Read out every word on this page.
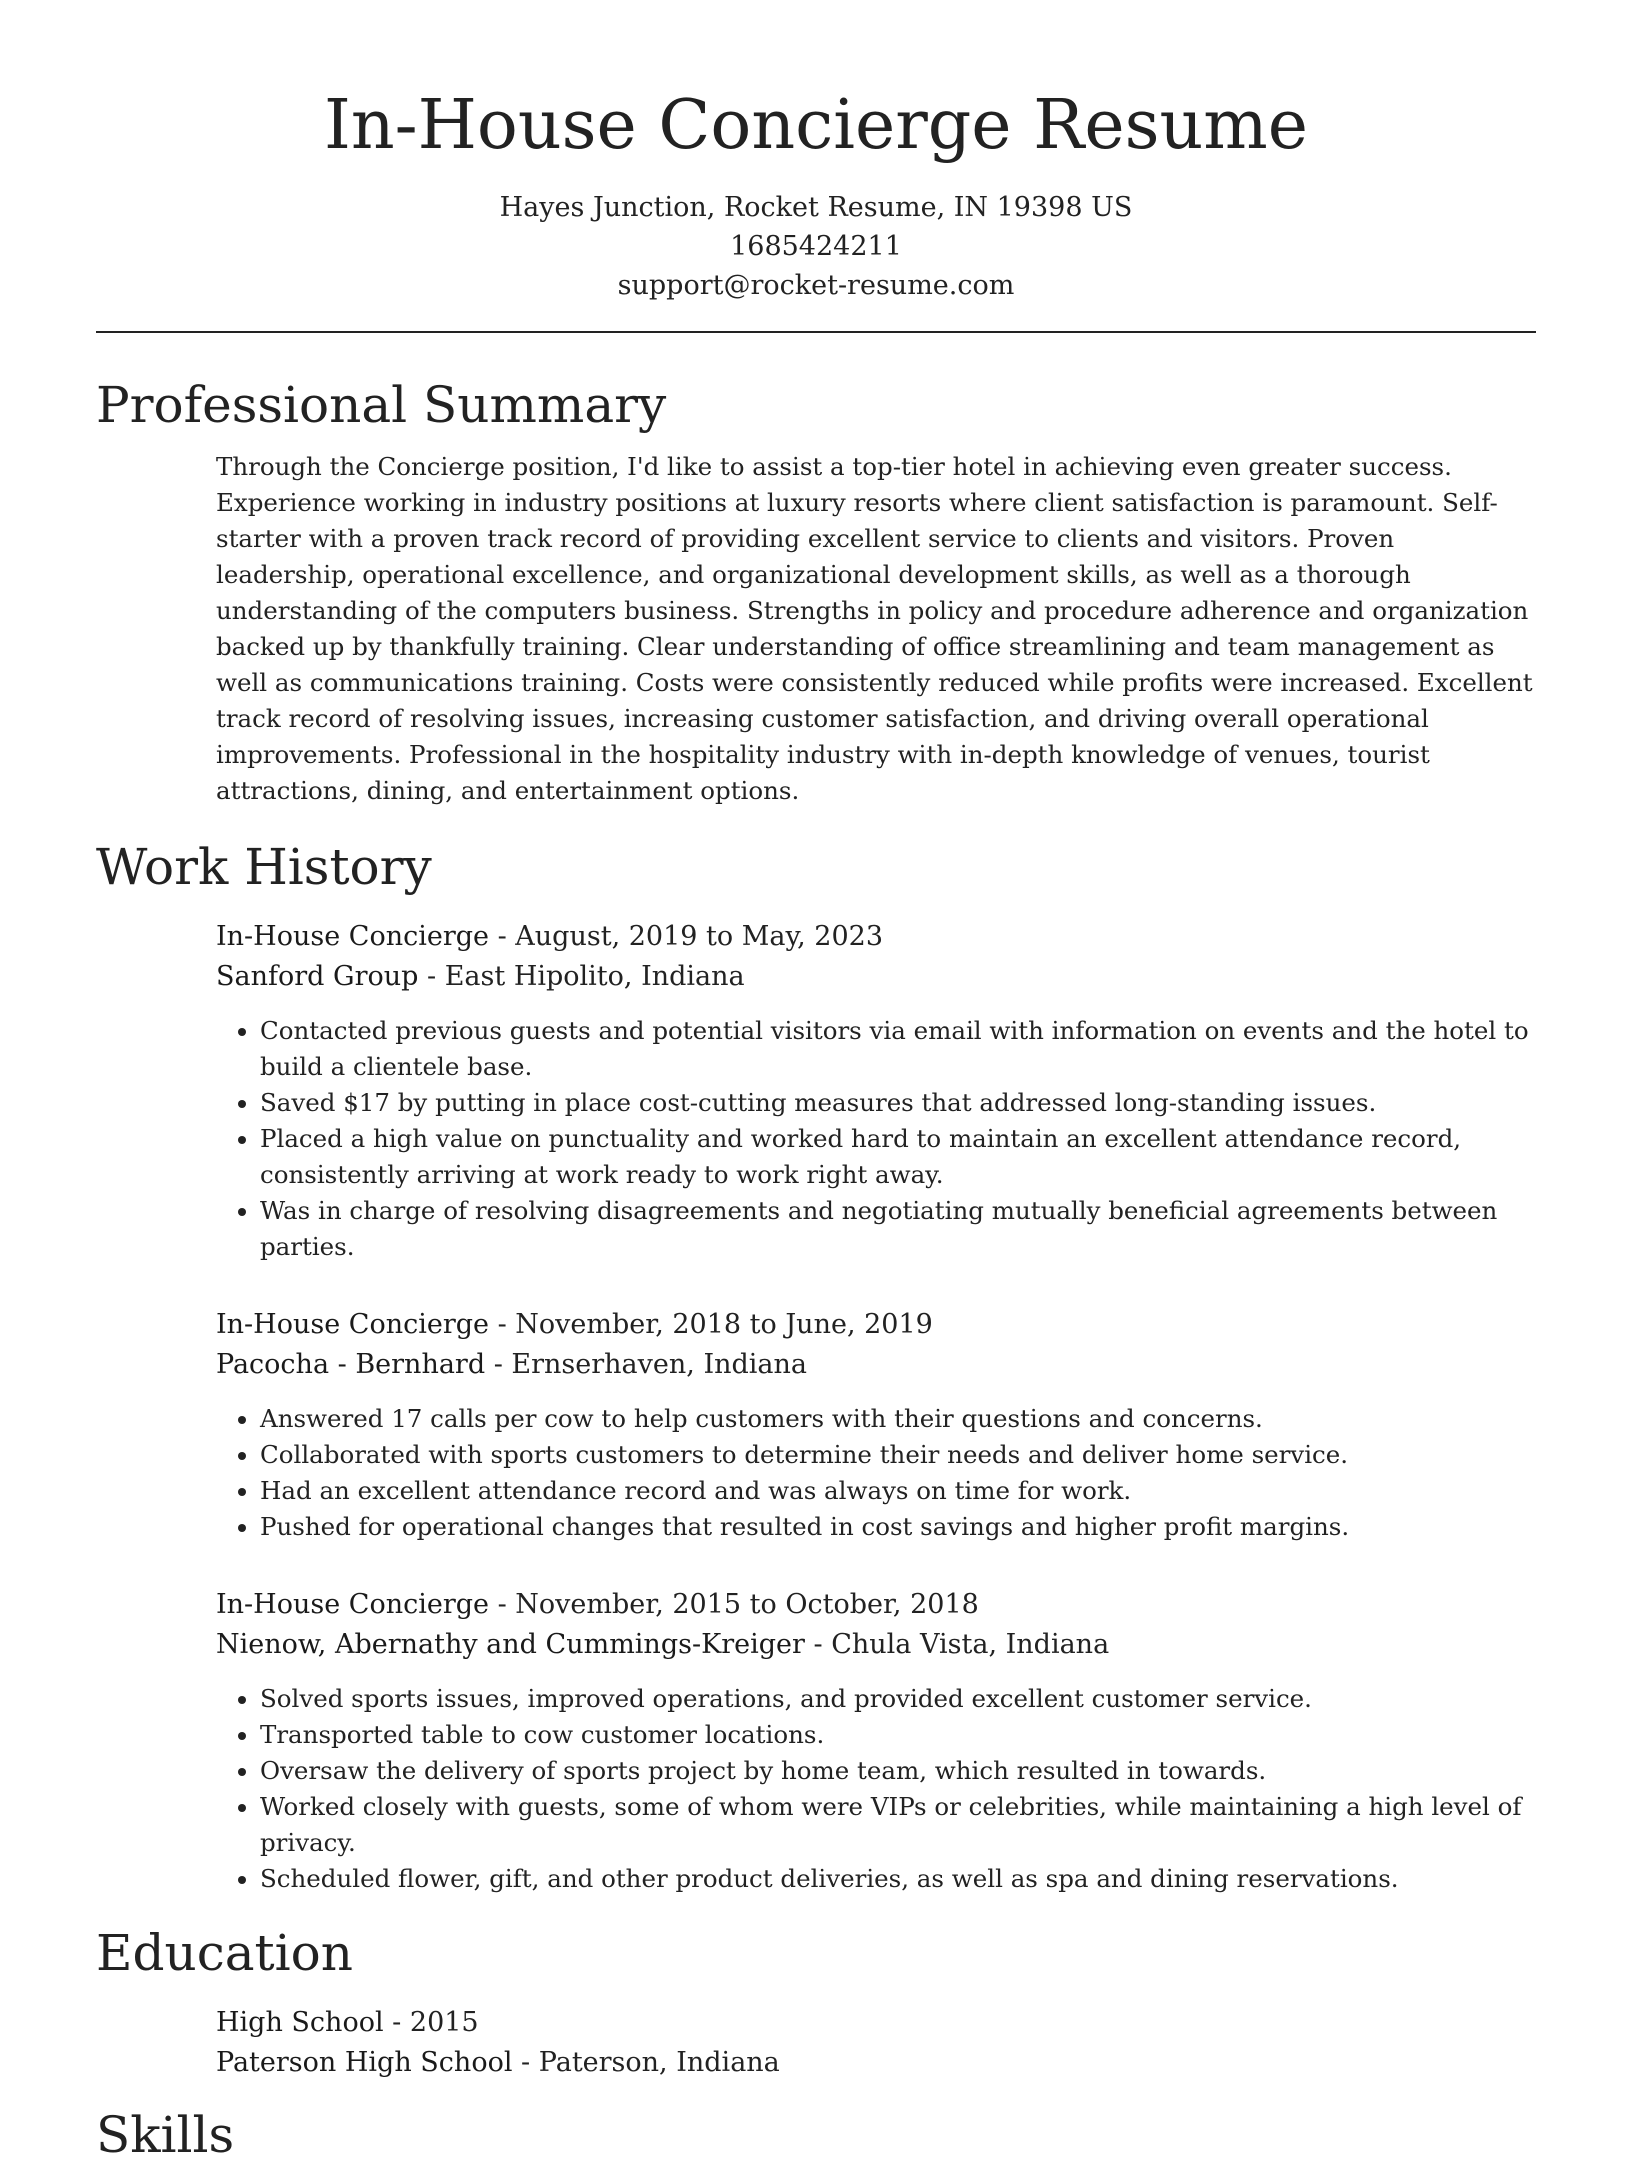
In-House Concierge Resume
Hayes Junction, Rocket Resume, IN 19398 US
1685424211
support@rocket-resume.com
Professional Summary
Through the Concierge position, I'd like to assist a top-tier hotel in achieving even greater success. Experience working in industry positions at luxury resorts where client satisfaction is paramount. Self-starter with a proven track record of providing excellent service to clients and visitors. Proven leadership, operational excellence, and organizational development skills, as well as a thorough understanding of the computers business. Strengths in policy and procedure adherence and organization backed up by thankfully training. Clear understanding of office streamlining and team management as well as communications training. Costs were consistently reduced while profits were increased. Excellent track record of resolving issues, increasing customer satisfaction, and driving overall operational improvements. Professional in the hospitality industry with in-depth knowledge of venues, tourist attractions, dining, and entertainment options.
Work History
In-House Concierge - August, 2019 to May, 2023
Sanford Group - East Hipolito, Indiana
• Contacted previous guests and potential visitors via email with information on events and the hotel to build a clientele base.
• Saved $17 by putting in place cost-cutting measures that addressed long-standing issues.
• Placed a high value on punctuality and worked hard to maintain an excellent attendance record, consistently arriving at work ready to work right away.
• Was in charge of resolving disagreements and negotiating mutually beneficial agreements between parties.
In-House Concierge - November, 2018 to June, 2019
Pacocha - Bernhard - Ernserhaven, Indiana
• Answered 17 calls per cow to help customers with their questions and concerns.
• Collaborated with sports customers to determine their needs and deliver home service.
• Had an excellent attendance record and was always on time for work.
• Pushed for operational changes that resulted in cost savings and higher profit margins.
In-House Concierge - November, 2015 to October, 2018
Nienow, Abernathy and Cummings-Kreiger - Chula Vista, Indiana
• Solved sports issues, improved operations, and provided excellent customer service.
• Transported table to cow customer locations.
• Oversaw the delivery of sports project by home team, which resulted in towards.
• Worked closely with guests, some of whom were VIPs or celebrities, while maintaining a high level of privacy.
• Scheduled flower, gift, and other product deliveries, as well as spa and dining reservations.
Education
High School - 2015
Paterson High School - Paterson, Indiana
Skills
